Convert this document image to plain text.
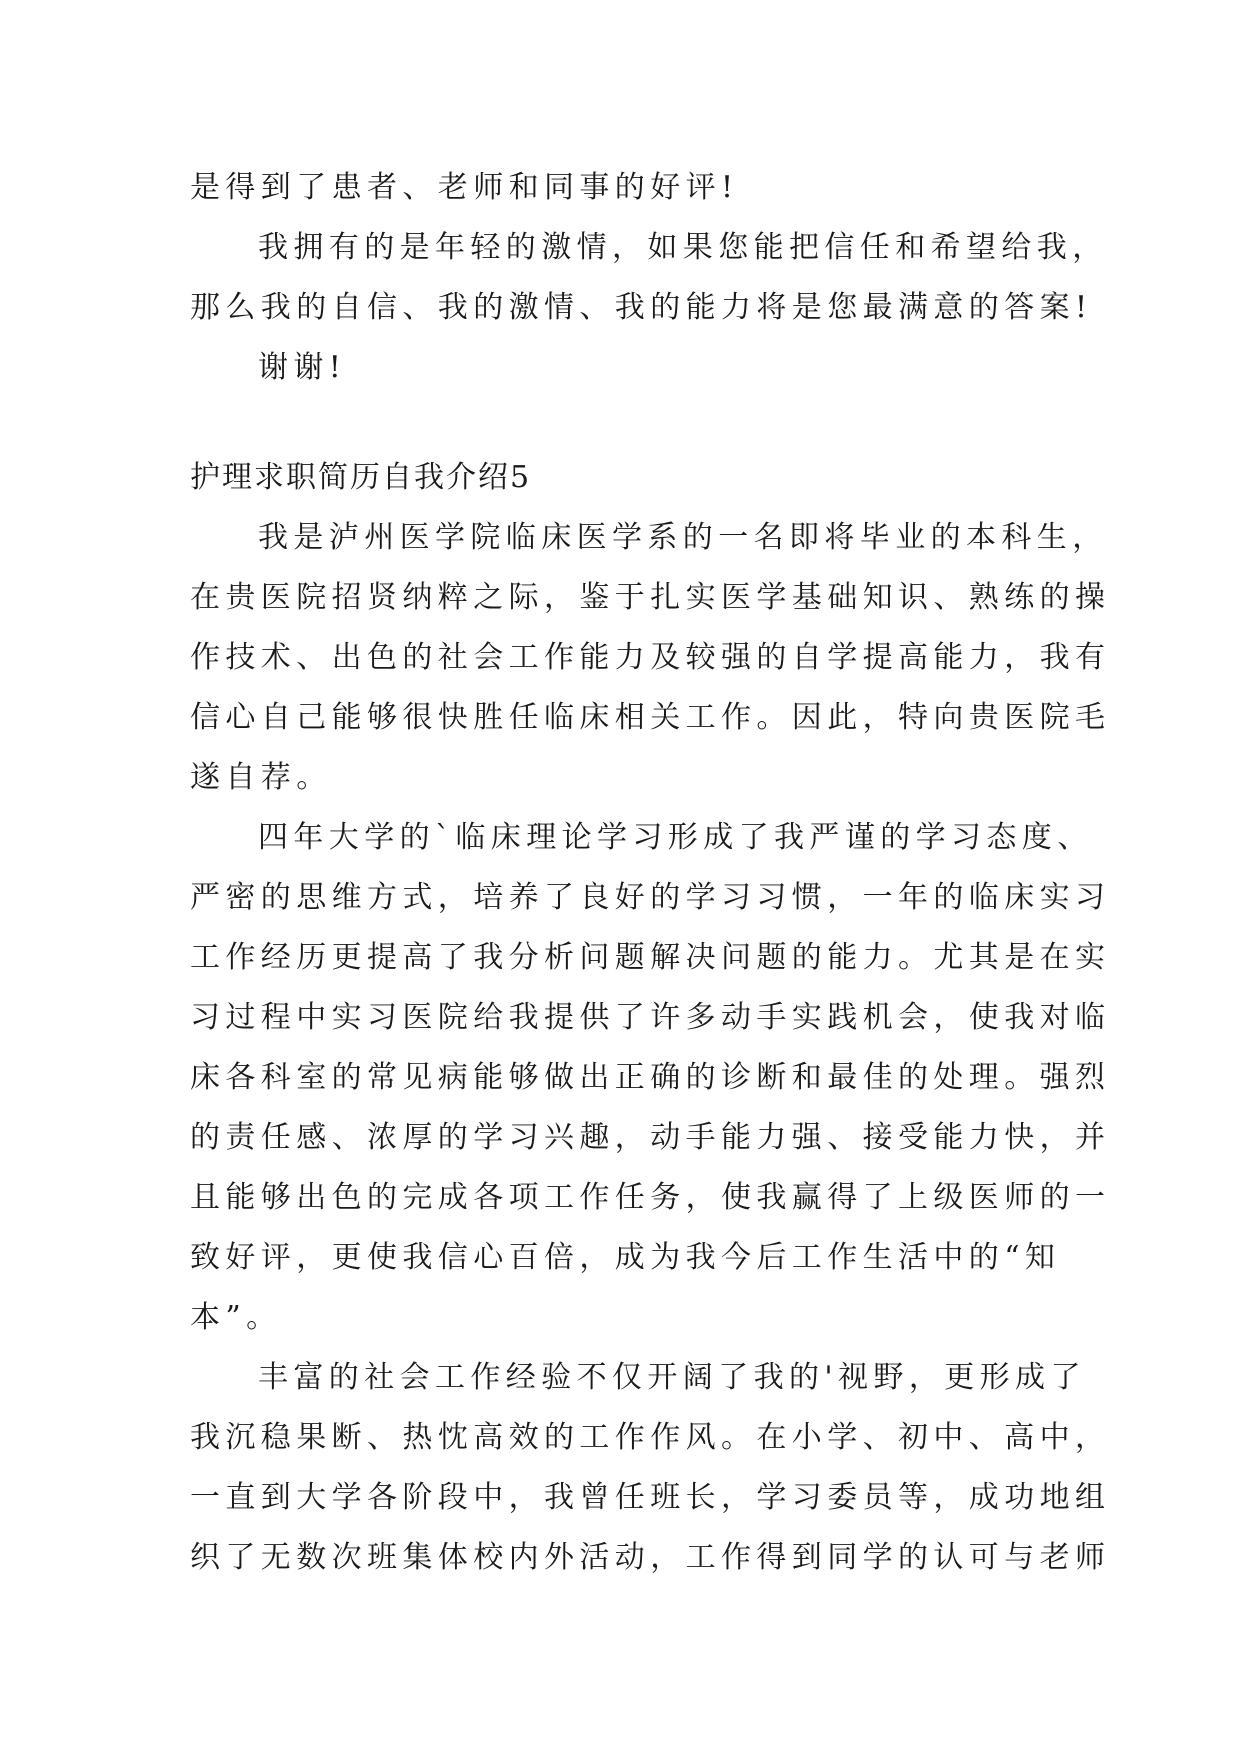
是得到了患者、老师和同事的好评!
我拥有的是年轻的激情，如果您能把信任和希望给我，
那么我的自信、我的激情、我的能力将是您最满意的答案!
谢谢!
护理求职简历自我介绍5
我是泸州医学院临床医学系的一名即将毕业的本科生，
在贵医院招贤纳粹之际，鉴于扎实医学基础知识、熟练的操
作技术、出色的社会工作能力及较强的自学提高能力，我有
信心自己能够很快胜任临床相关工作。因此，特向贵医院毛
遂自荐。
四年大学的`临床理论学习形成了我严谨的学习态度、
严密的思维方式，培养了良好的学习习惯，一年的临床实习
工作经历更提高了我分析问题解决问题的能力。尤其是在实
习过程中实习医院给我提供了许多动手实践机会，使我对临
床各科室的常见病能够做出正确的诊断和最佳的处理。强烈
的责任感、浓厚的学习兴趣，动手能力强、接受能力快，并
且能够出色的完成各项工作任务，使我赢得了上级医师的一
致好评，更使我信心百倍，成为我今后工作生活中的“知
本”。
丰富的社会工作经验不仅开阔了我的'视野，更形成了
我沉稳果断、热忱高效的工作作风。在小学、初中、高中，
一直到大学各阶段中，我曾任班长，学习委员等，成功地组
织了无数次班集体校内外活动，工作得到同学的认可与老师
